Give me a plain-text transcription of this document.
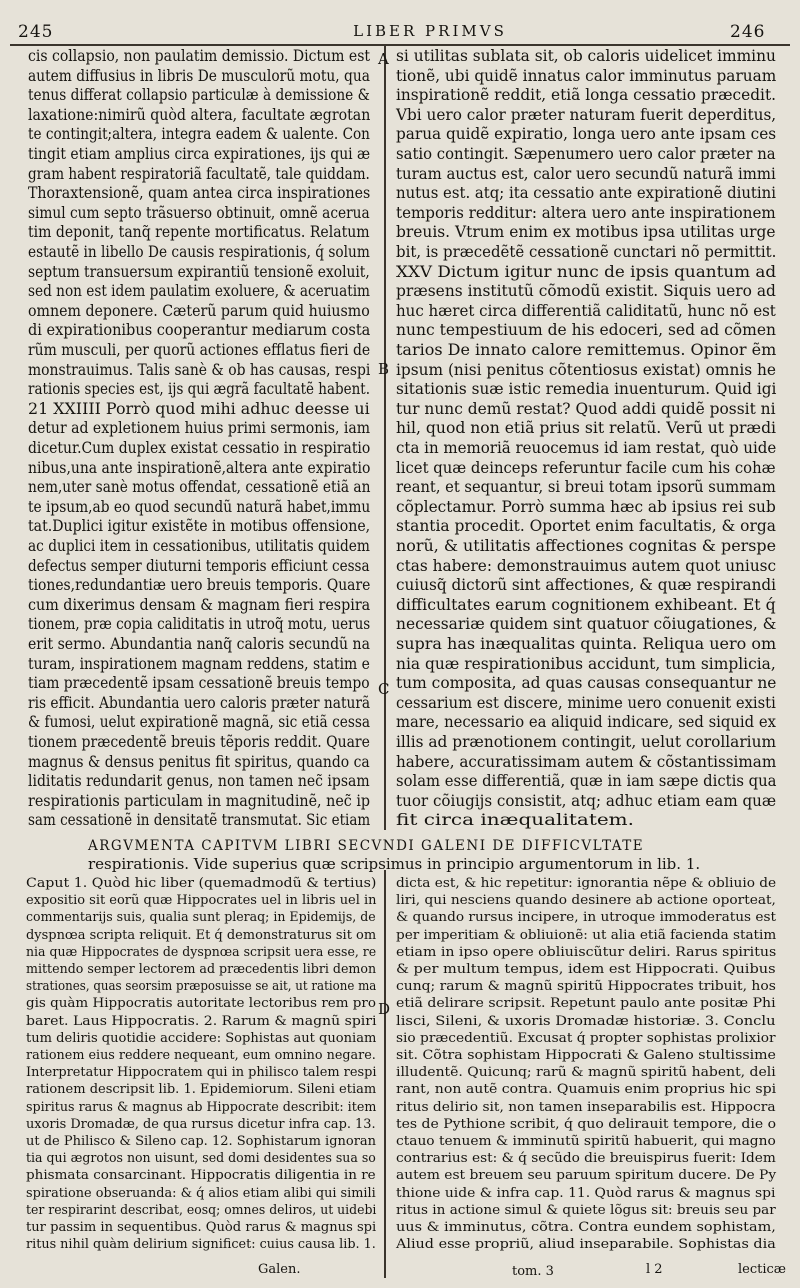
245	LIBER PRIMVS	246
A
B
C
D
cis collapsio, non paulatim demissio. Dictum est
autem diffusius in libris De musculorũ motu, qua
tenus differat collapsio particulæ à demissione &
laxatione:nimirũ quòd altera, facultate ægrotan
te contingit;altera, integra eadem & ualente. Con
tingit etiam amplius circa expirationes, ijs qui æ
gram habent respiratoriã facultatẽ, tale quiddam.
Thoraxtensionẽ, quam antea circa inspirationes
simul cum septo trãsuerso obtinuit, omnẽ acerua
tim deponit, tanq̃ repente mortificatus. Relatum
estautẽ in libello De causis respirationis, q́ solum
septum transuersum expirantiũ tensionẽ exoluit,
sed non est idem paulatim exoluere, & aceruatim
omnem deponere. Cæterũ parum quid huiusmo
di expirationibus cooperantur mediarum costa
rũm musculi, per quorũ actiones efflatus fieri de
monstrauimus. Talis sanè & ob has causas, respi
rationis species est, ijs qui ægrã facultatẽ habent.
21 XXIIII Porrò quod mihi adhuc deesse ui
detur ad expletionem huius primi sermonis, iam
dicetur.Cum duplex existat cessatio in respiratio
nibus,una ante inspirationẽ,altera ante expiratio
nem,uter sanè motus offendat, cessationẽ etiã an
te ipsum,ab eo quod secundũ naturã habet,immu
tat.Duplici igitur existẽte in motibus offensione,
ac duplici item in cessationibus, utilitatis quidem
defectus semper diuturni temporis efficiunt cessa
tiones,redundantiæ uero breuis temporis. Quare
cum dixerimus densam & magnam fieri respira
tionem, præ copia caliditatis in utroq̃ motu, uerus
erit sermo. Abundantia nanq̃ caloris secundũ na
turam, inspirationem magnam reddens, statim e
tiam præcedentẽ ipsam cessationẽ breuis tempo
ris efficit. Abundantia uero caloris præter naturã
& fumosi, uelut expirationẽ magnã, sic etiã cessa
tionem præcedentẽ breuis tẽporis reddit. Quare
magnus & densus penitus fit spiritus, quando ca
liditatis redundarit genus, non tamen nec̃ ipsam
respirationis particulam in magnitudinẽ, nec̃ ip
sam cessationẽ in densitatẽ transmutat. Sic etiam
si utilitas sublata sit, ob caloris uidelicet imminu
tionẽ, ubi quidẽ innatus calor imminutus paruam
inspirationẽ reddit, etiã longa cessatio præcedit.
Vbi uero calor præter naturam fuerit deperditus,
parua quidẽ expiratio, longa uero ante ipsam ces
satio contingit. Sæpenumero uero calor præter na
turam auctus est, calor uero secundũ naturã immi
nutus est. atq; ita cessatio ante expirationẽ diutini
temporis redditur: altera uero ante inspirationem
breuis. Vtrum enim ex motibus ipsa utilitas urge
bit, is præcedẽtẽ cessationẽ cunctari nõ permittit.
XXV Dictum igitur nunc de ipsis quantum ad
præsens institutũ cõmodũ existit. Siquis uero ad
huc hæret circa differentiã caliditatũ, hunc nõ est
nunc tempestiuum de his edoceri, sed ad cõmen
tarios De innato calore remittemus. Opinor ẽm
ipsum (nisi penitus cõtentiosus existat) omnis he
sitationis suæ istic remedia inuenturum. Quid igi
tur nunc demũ restat? Quod addi quidẽ possit ni
hil, quod non etiã prius sit relatũ. Verũ ut prædi
cta in memoriã reuocemus id iam restat, quò uide
licet quæ deinceps referuntur facile cum his cohæ
reant, et sequantur, si breui totam ipsorũ summam
cõplectamur. Porrò summa hæc ab ipsius rei sub
stantia procedit. Oportet enim facultatis, & orga
norũ, & utilitatis affectiones cognitas & perspe
ctas habere: demonstrauimus autem quot uniusc
cuiusq̃ dictorũ sint affectiones, & quæ respirandi
difficultates earum cognitionem exhibeant. Et q́
necessariæ quidem sint quatuor cõiugationes, &
supra has inæqualitas quinta. Reliqua uero om
nia quæ respirationibus accidunt, tum simplicia,
tum composita, ad quas causas consequantur ne
cessarium est discere, minime uero conuenit existi
mare, necessario ea aliquid indicare, sed siquid ex
illis ad prænotionem contingit, uelut corollarium
habere, accuratissimam autem & cõstantissimam
solam esse differentiã, quæ in iam sæpe dictis qua
tuor cõiugijs consistit, atq; adhuc etiam eam quæ
fit circa inæqualitatem.
ARGVMENTA CAPITVM LIBRI SECVNDI GALENI DE DIFFICVLTATE
respirationis. Vide superius quæ scripsimus in principio argumentorum in lib. 1.
Caput 1. Quòd hic liber (quemadmodũ & tertius)
expositio sit eorũ quæ Hippocrates uel in libris uel in
commentarijs suis, qualia sunt pleraq; in Epidemijs, de
dyspnœa scripta reliquit. Et q́ demonstraturus sit om
nia quæ Hippocrates de dyspnœa scripsit uera esse, re
mittendo semper lectorem ad præcedentis libri demon
strationes, quas seorsim præposuisse se ait, ut ratione ma
gis quàm Hippocratis autoritate lectoribus rem pro
baret. Laus Hippocratis. 2. Rarum & magnũ spiri
tum deliris quotidie accidere: Sophistas aut quoniam
rationem eius reddere nequeant, eum omnino negare.
Interpretatur Hippocratem qui in philisco talem respi
rationem descripsit lib. 1. Epidemiorum. Sileni etiam
spiritus rarus & magnus ab Hippocrate describit: item
uxoris Dromadæ, de qua rursus dicetur infra cap. 13.
ut de Philisco & Sileno cap. 12. Sophistarum ignoran
tia qui ægrotos non uisunt, sed domi desidentes sua so
phismata consarcinant. Hippocratis diligentia in re
spiratione obseruanda: & q́ alios etiam alibi qui simili
ter respirarint describat, eosq; omnes deliros, ut uidebi
tur passim in sequentibus. Quòd rarus & magnus spi
ritus nihil quàm delirium significet: cuius causa lib. 1.
dicta est, & hic repetitur: ignorantia nẽpe & obliuio de
liri, qui nesciens quando desinere ab actione oporteat,
& quando rursus incipere, in utroque immoderatus est
per imperitiam & obliuionẽ: ut alia etiã facienda statim
etiam in ipso opere obliuiscũtur deliri. Rarus spiritus
& per multum tempus, idem est Hippocrati. Quibus
cunq; rarum & magnũ spiritũ Hippocrates tribuit, hos
etiã delirare scripsit. Repetunt paulo ante positæ Phi
lisci, Sileni, & uxoris Dromadæ historiæ. 3. Conclu
sio præcedentiũ. Excusat q́ propter sophistas prolixior
sit. Cõtra sophistam Hippocrati & Galeno stultissime
illudentẽ. Quicunq; rarũ & magnũ spiritũ habent, deli
rant, non autẽ contra. Quamuis enim proprius hic spi
ritus delirio sit, non tamen inseparabilis est. Hippocra
tes de Pythione scribit, q́ quo delirauit tempore, die o
ctauo tenuem & imminutũ spiritũ habuerit, qui magno
contrarius est: & q́ secũdo die breuispirus fuerit: Idem
autem est breuem seu paruum spiritum ducere. De Py
thione uide & infra cap. 11. Quòd rarus & magnus spi
ritus in actione simul & quiete lõgus sit: breuis seu par
uus & imminutus, cõtra. Contra eundem sophistam,
Aliud esse propriũ, aliud inseparabile. Sophistas dia
Galen.	tom. 3	l 2	lecticæ
